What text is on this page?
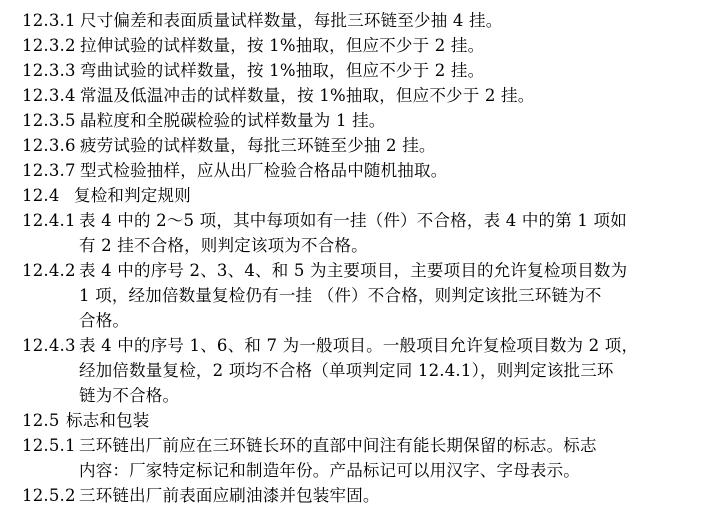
12.3.1 尺寸偏差和表面质量试样数量，每批三环链至少抽 4 挂。
12.3.2 拉伸试验的试样数量，按 1%抽取，但应不少于 2 挂。
12.3.3 弯曲试验的试样数量，按 1%抽取，但应不少于 2 挂。
12.3.4 常温及低温冲击的试样数量，按 1%抽取，但应不少于 2 挂。
12.3.5 晶粒度和全脱碳检验的试样数量为 1 挂。
12.3.6 疲劳试验的试样数量，每批三环链至少抽 2 挂。
12.3.7 型式检验抽样，应从出厂检验合格品中随机抽取。
12.4 复检和判定规则
12.4.1 表 4 中的 2～5 项，其中每项如有一挂（件）不合格，表 4 中的第 1 项如
有 2 挂不合格，则判定该项为不合格。
12.4.2 表 4 中的序号 2、3、4、和 5 为主要项目，主要项目的允许复检项目数为
1 项，经加倍数量复检仍有一挂 （件）不合格，则判定该批三环链为不
合格。
12.4.3 表 4 中的序号 1、6、和 7 为一般项目。一般项目允许复检项目数为 2 项，
经加倍数量复检，2 项均不合格（单项判定同 12.4.1），则判定该批三环
链为不合格。
12.5 标志和包装
12.5.1 三环链出厂前应在三环链长环的直部中间注有能长期保留的标志。标志
内容：厂家特定标记和制造年份。产品标记可以用汉字、字母表示。
12.5.2 三环链出厂前表面应刷油漆并包装牢固。
